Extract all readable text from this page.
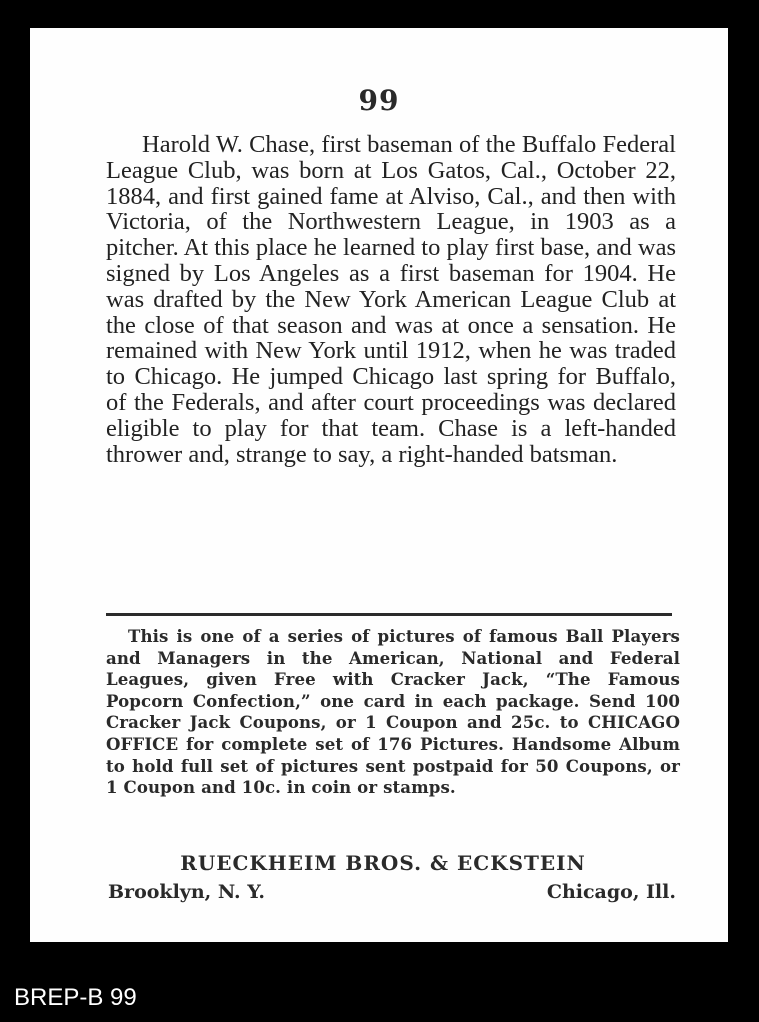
99

Harold W. Chase, first baseman of the Buffalo Federal League Club, was born at Los Gatos, Cal., October 22, 1884, and first gained fame at Alviso, Cal., and then with Victoria, of the Northwestern League, in 1903 as a pitcher. At this place he learned to play first base, and was signed by Los Angeles as a first baseman for 1904. He was drafted by the New York American League Club at the close of that season and was at once a sensation. He remained with New York until 1912, when he was traded to Chicago. He jumped Chicago last spring for Buffalo, of the Federals, and after court proceedings was declared eligible to play for that team. Chase is a left-handed thrower and, strange to say, a right-handed batsman.

This is one of a series of pictures of famous Ball Players and Managers in the American, National and Federal Leagues, given Free with Cracker Jack, “The Famous Popcorn Confection,” one card in each package. Send 100 Cracker Jack Coupons, or 1 Coupon and 25c. to CHICAGO OFFICE for complete set of 176 Pictures. Handsome Album to hold full set of pictures sent postpaid for 50 Coupons, or 1 Coupon and 10c. in coin or stamps.

RUECKHEIM BROS. & ECKSTEIN

Brooklyn, N. Y.	Chicago, Ill.

BREP-B 99
